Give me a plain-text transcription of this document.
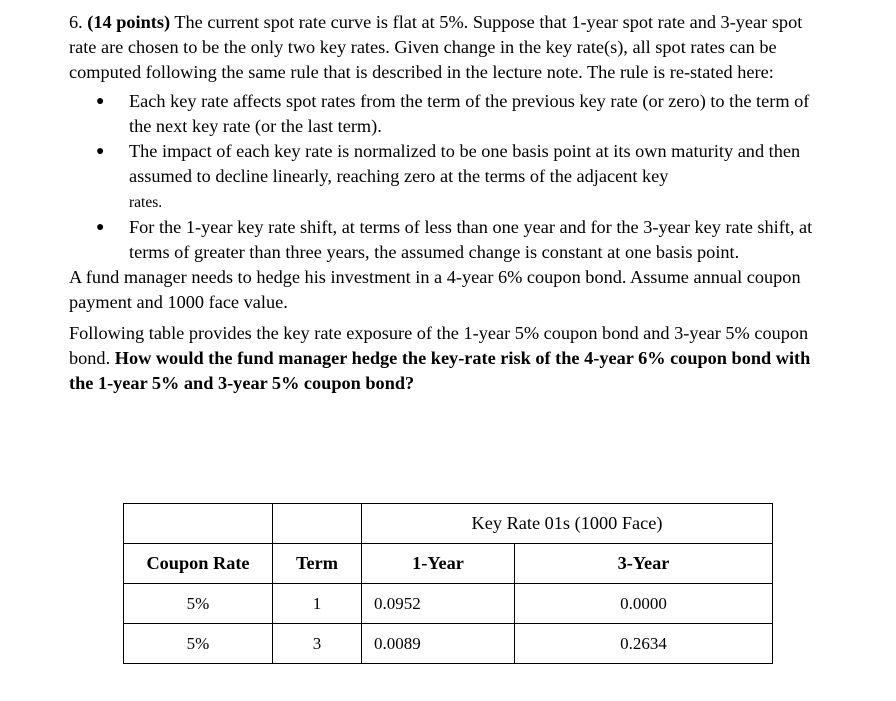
6. (14 points) The current spot rate curve is flat at 5%. Suppose that 1-year spot rate and 3-year spot rate are chosen to be the only two key rates. Given change in the key rate(s), all spot rates can be computed following the same rule that is described in the lecture note. The rule is re-stated here:

● Each key rate affects spot rates from the term of the previous key rate (or zero) to the term of the next key rate (or the last term).
● The impact of each key rate is normalized to be one basis point at its own maturity and then assumed to decline linearly, reaching zero at the terms of the adjacent key
rates.
● For the 1-year key rate shift, at terms of less than one year and for the 3-year key rate shift, at terms of greater than three years, the assumed change is constant at one basis point.

A fund manager needs to hedge his investment in a 4-year 6% coupon bond. Assume annual coupon payment and 1000 face value.

Following table provides the key rate exposure of the 1-year 5% coupon bond and 3-year 5% coupon bond. How would the fund manager hedge the key-rate risk of the 4-year 6% coupon bond with the 1-year 5% and 3-year 5% coupon bond?

		Key Rate 01s (1000 Face)	
Coupon Rate	Term	1-Year	3-Year
5%	1	0.0952	0.0000
5%	3	0.0089	0.2634
